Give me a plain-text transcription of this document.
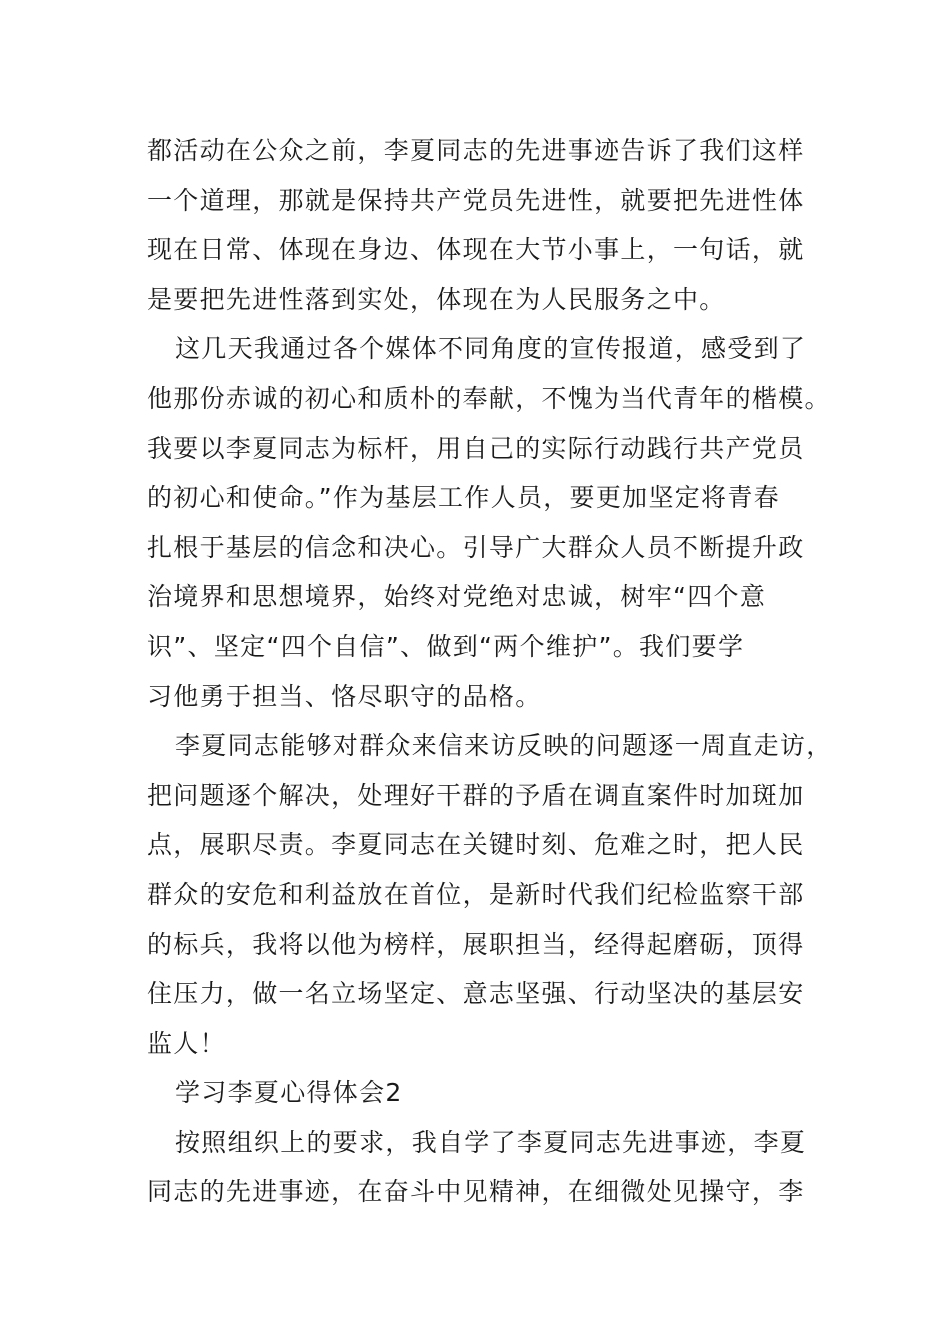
都活动在公众之前，李夏同志的先进事迹告诉了我们这样
一个道理，那就是保持共产党员先进性，就要把先进性体
现在日常、体现在身边、体现在大节小事上，一句话，就
是要把先进性落到实处，体现在为人民服务之中。
这几天我通过各个媒体不同角度的宣传报道，感受到了
他那份赤诚的初心和质朴的奉献，不愧为当代青年的楷模。
我要以李夏同志为标杆，用自己的实际行动践行共产党员
的初心和使命。”作为基层工作人员，要更加坚定将青春
扎根于基层的信念和决心。引导广大群众人员不断提升政
治境界和思想境界，始终对党绝对忠诚，树牢“四个意
识”、坚定“四个自信”、做到“两个维护”。我们要学
习他勇于担当、恪尽职守的品格。
李夏同志能够对群众来信来访反映的问题逐一周直走访，
把问题逐个解决，处理好干群的予盾在调直案件时加斑加
点，展职尽责。李夏同志在关键时刻、危难之时，把人民
群众的安危和利益放在首位，是新时代我们纪检监察干部
的标兵，我将以他为榜样，展职担当，经得起磨砺，顶得
住压力，做一名立场坚定、意志坚强、行动坚决的基层安
监人！
学习李夏心得体会2
按照组织上的要求，我自学了李夏同志先进事迹，李夏
同志的先进事迹，在奋斗中见精神，在细微处见操守，李
